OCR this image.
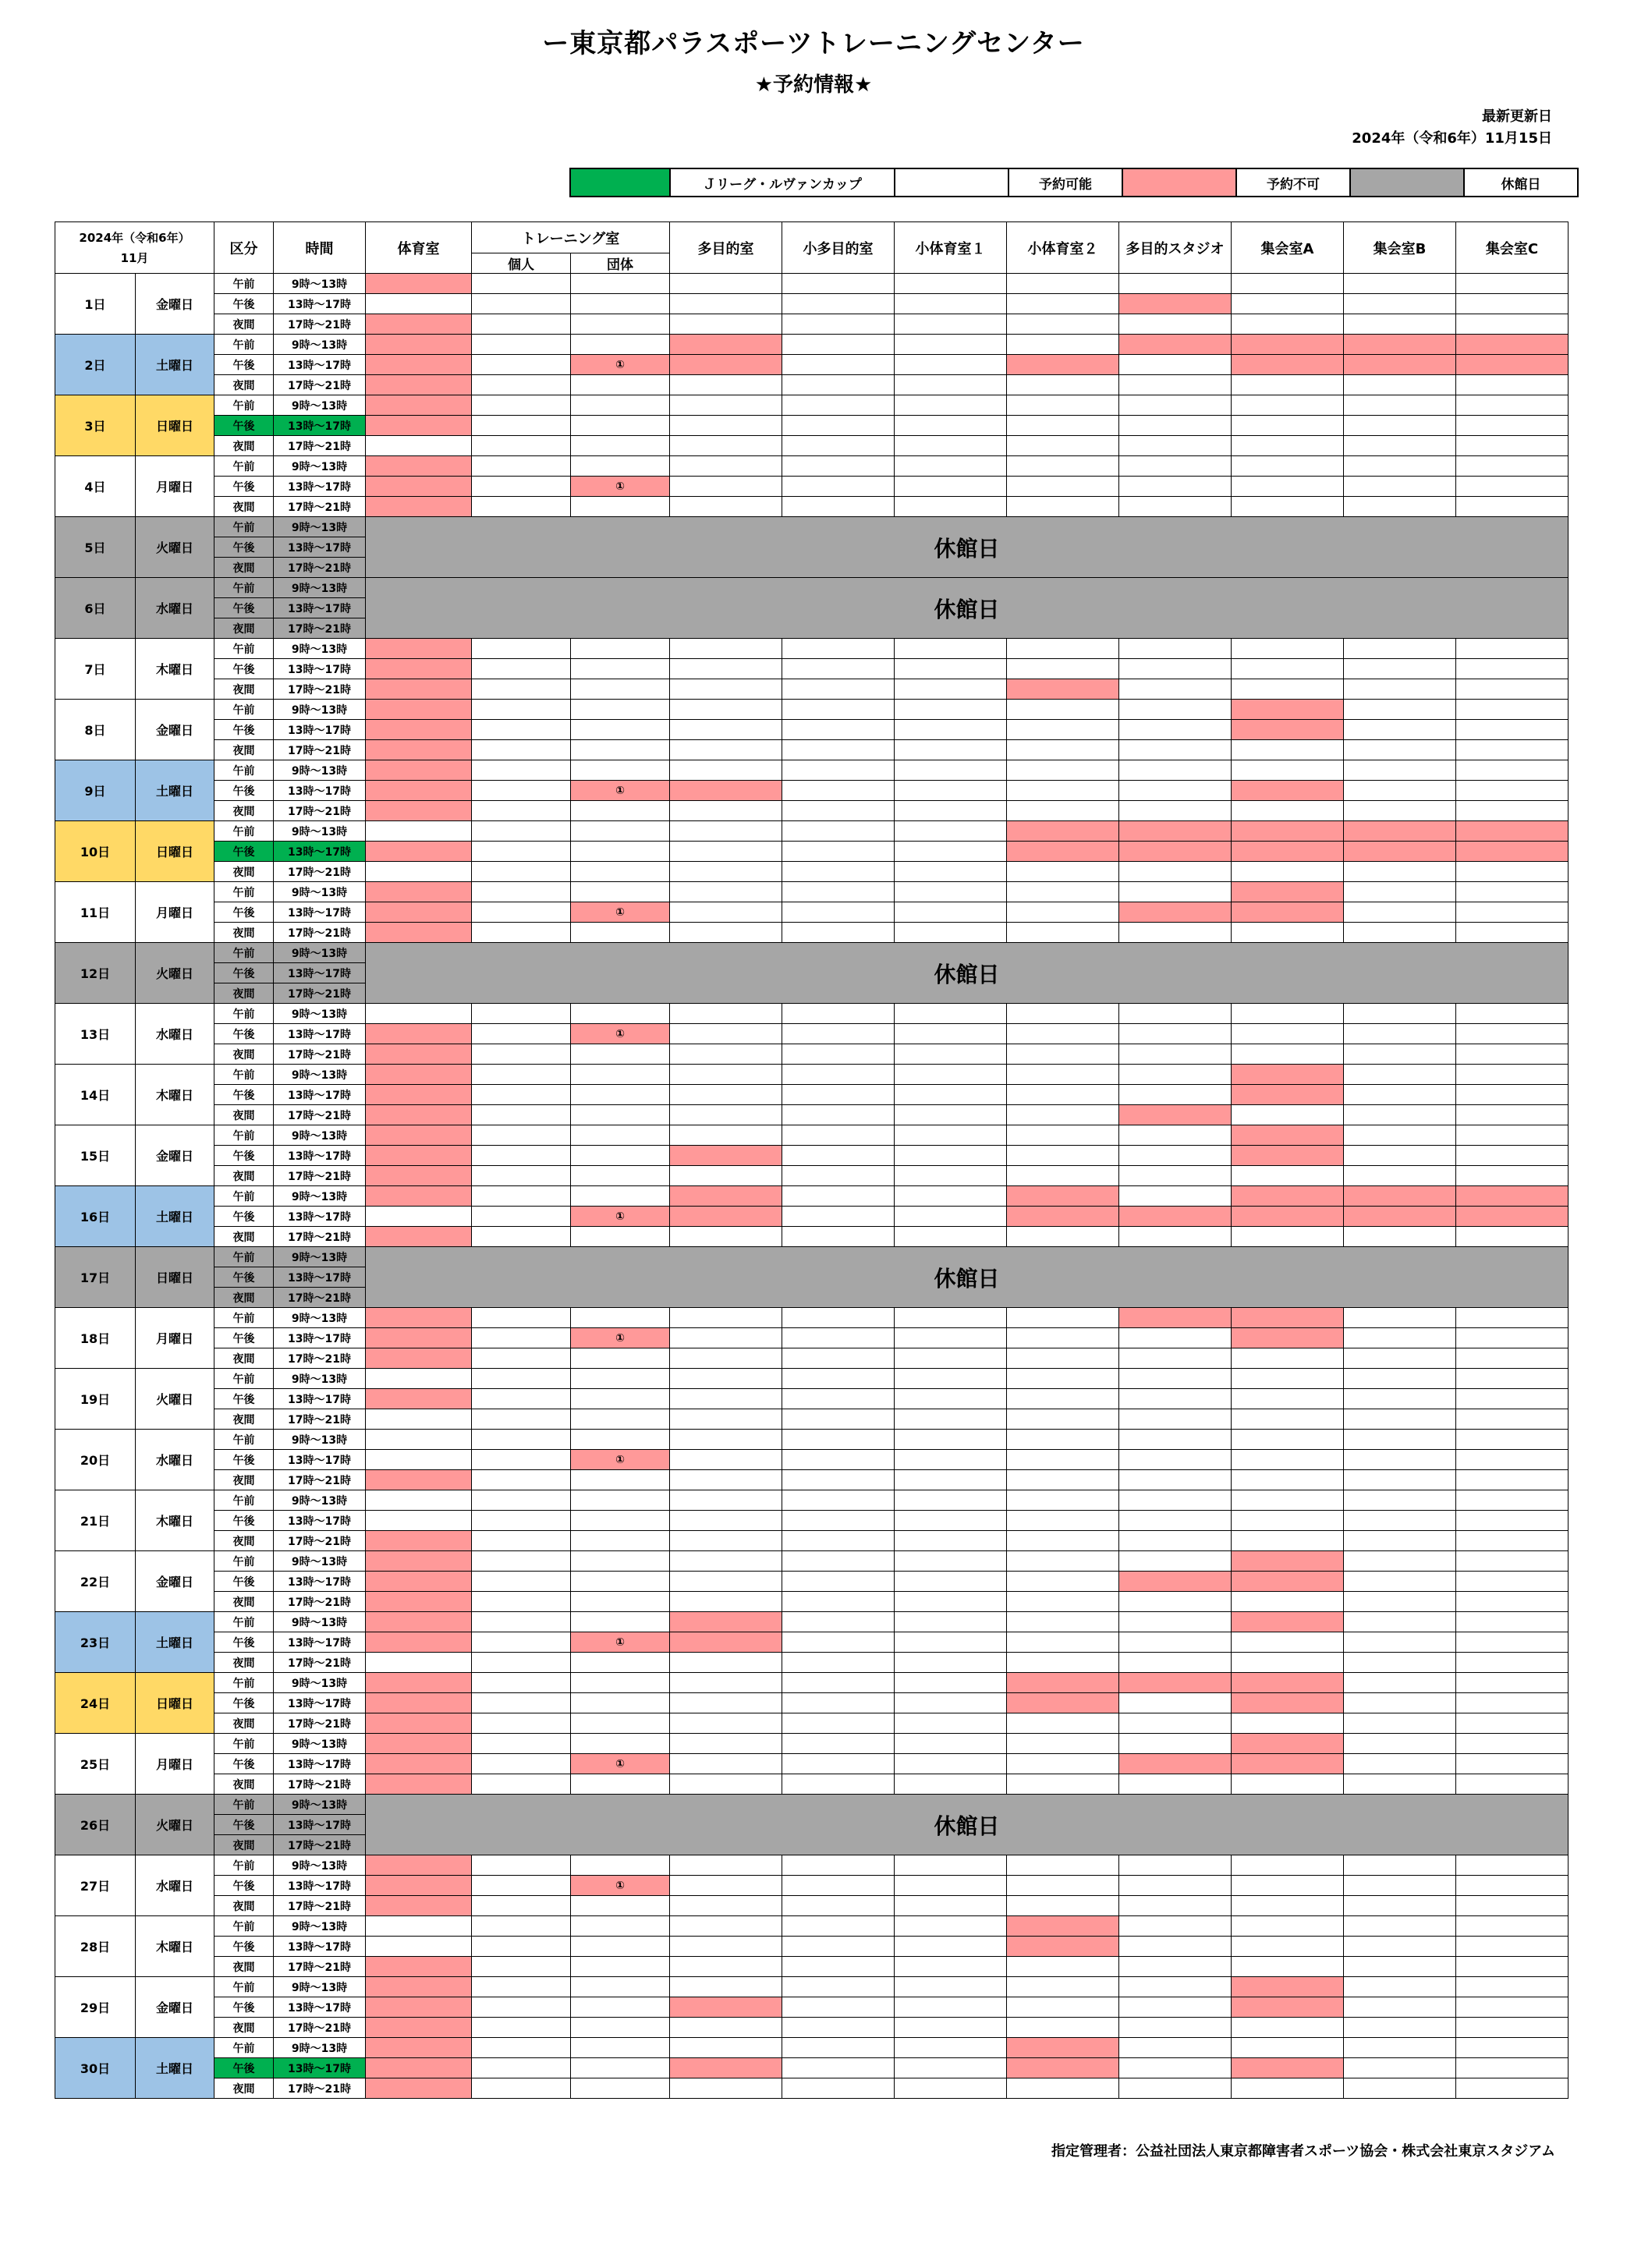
ー東京都パラスポーツトレーニングセンター
★予約情報★
最新更新日
2024年（令和6年）11月15日
	Ｊリーグ・ルヴァンカップ		予約可能		予約不可		休館日
2024年（令和6年）
11月		区分	時間	体育室	トレーニング室		多目的室	小多目的室	小体育室１	小体育室２	多目的スタジオ	集会室A	集会室B	集会室C
					個人	団体								
1日	金曜日	午前	9時～13時											
		午後	13時～17時											
		夜間	17時～21時											
2日	土曜日	午前	9時～13時											
		午後	13時～17時			①								
		夜間	17時～21時											
3日	日曜日	午前	9時～13時											
		午後	13時～17時											
		夜間	17時～21時											
4日	月曜日	午前	9時～13時											
		午後	13時～17時			①								
		夜間	17時～21時											
5日	火曜日	午前	9時～13時	休館日										
		午後	13時～17時											
		夜間	17時～21時											
6日	水曜日	午前	9時～13時	休館日										
		午後	13時～17時											
		夜間	17時～21時											
7日	木曜日	午前	9時～13時											
		午後	13時～17時											
		夜間	17時～21時											
8日	金曜日	午前	9時～13時											
		午後	13時～17時											
		夜間	17時～21時											
9日	土曜日	午前	9時～13時											
		午後	13時～17時			①								
		夜間	17時～21時											
10日	日曜日	午前	9時～13時											
		午後	13時～17時											
		夜間	17時～21時											
11日	月曜日	午前	9時～13時											
		午後	13時～17時			①								
		夜間	17時～21時											
12日	火曜日	午前	9時～13時	休館日										
		午後	13時～17時											
		夜間	17時～21時											
13日	水曜日	午前	9時～13時											
		午後	13時～17時			①								
		夜間	17時～21時											
14日	木曜日	午前	9時～13時											
		午後	13時～17時											
		夜間	17時～21時											
15日	金曜日	午前	9時～13時											
		午後	13時～17時											
		夜間	17時～21時											
16日	土曜日	午前	9時～13時											
		午後	13時～17時			①								
		夜間	17時～21時											
17日	日曜日	午前	9時～13時	休館日										
		午後	13時～17時											
		夜間	17時～21時											
18日	月曜日	午前	9時～13時											
		午後	13時～17時			①								
		夜間	17時～21時											
19日	火曜日	午前	9時～13時											
		午後	13時～17時											
		夜間	17時～21時											
20日	水曜日	午前	9時～13時											
		午後	13時～17時			①								
		夜間	17時～21時											
21日	木曜日	午前	9時～13時											
		午後	13時～17時											
		夜間	17時～21時											
22日	金曜日	午前	9時～13時											
		午後	13時～17時											
		夜間	17時～21時											
23日	土曜日	午前	9時～13時											
		午後	13時～17時			①								
		夜間	17時～21時											
24日	日曜日	午前	9時～13時											
		午後	13時～17時											
		夜間	17時～21時											
25日	月曜日	午前	9時～13時											
		午後	13時～17時			①								
		夜間	17時～21時											
26日	火曜日	午前	9時～13時	休館日										
		午後	13時～17時											
		夜間	17時～21時											
27日	水曜日	午前	9時～13時											
		午後	13時～17時			①								
		夜間	17時～21時											
28日	木曜日	午前	9時～13時											
		午後	13時～17時											
		夜間	17時～21時											
29日	金曜日	午前	9時～13時											
		午後	13時～17時											
		夜間	17時～21時											
30日	土曜日	午前	9時～13時											
		午後	13時～17時											
		夜間	17時～21時											
指定管理者：公益社団法人東京都障害者スポーツ協会・株式会社東京スタジアム
